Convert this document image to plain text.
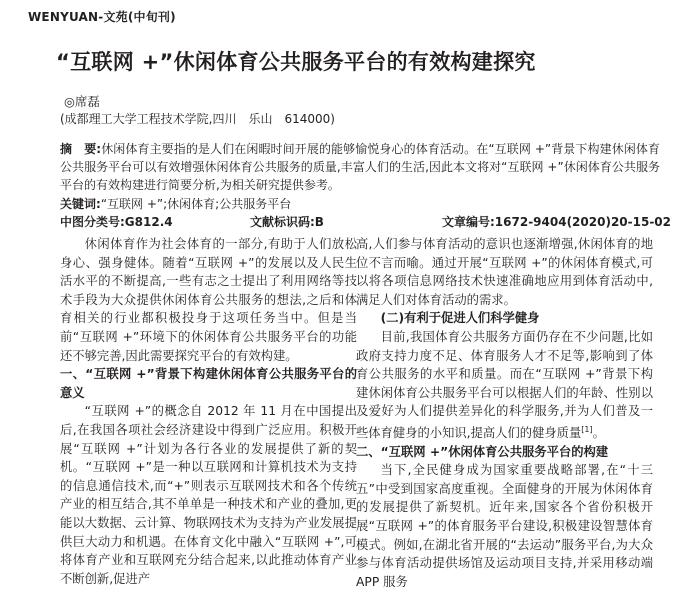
WENYUAN-文苑(中旬刊)
“互联网 +”休闲体育公共服务平台的有效构建探究
◎席磊
(成都理工大学工程技术学院,四川　乐山　614000)
摘　要:休闲体育主要指的是人们在闲暇时间开展的能够愉悦身心的体育活动。在“互联网 +”背景下构建休闲体育公共服务平台可以有效增强休闲体育公共服务的质量,丰富人们的生活,因此本文将对“互联网 +”休闲体育公共服务平台的有效构建进行简要分析,为相关研究提供参考。
关键词:“互联网 +”;休闲体育;公共服务平台
中图分类号:G812.4	文献标识码:B	文章编号:1672-9404(2020)20-15-02

休闲体育作为社会体育的一部分,有助于人们放松身心、强身健体。随着“互联网 +”的发展以及人民生活水平的不断提高,一些有志之士提出了利用网络等技术手段为大众提供休闲体育公共服务的想法,之后和体育相关的行业都积极投身于这项任务当中。但是当前“互联网 +”环境下的休闲体育公共服务平台的功能还不够完善,因此需要探究平台的有效构建。

一、“互联网 +”背景下构建休闲体育公共服务平台的意义

“互联网 +”的概念自 2012 年 11 月在中国提出后,在我国各项社会经济建设中得到广泛应用。积极开展“互联网 +”计划为各行各业的发展提供了新的契机。“互联网 +”是一种以互联网和计算机技术为支持的信息通信技术,而“+”则表示互联网技术和各个传统产业的相互结合,其不单单是一种技术和产业的叠加,更能以大数据、云计算、物联网技术为支持为产业发展提供巨大动力和机遇。在体育文化中融入“互联网 +”,可将体育产业和互联网充分结合起来,以此推动体育产业不断创新,促进产

高,人们参与体育活动的意识也逐渐增强,休闲体育的地位不言而喻。通过开展“互联网 +”的休闲体育模式,可以将各项信息网络技术快速准确地应用到体育活动中,满足人们对体育活动的需求。

(二)有利于促进人们科学健身

目前,我国体育公共服务方面仍存在不少问题,比如政府支持力度不足、体育服务人才不足等,影响到了体育公共服务的水平和质量。而在“互联网 +”背景下构建休闲体育公共服务平台可以根据人们的年龄、性别以及爱好为人们提供差异化的科学服务,并为人们普及一些体育健身的小知识,提高人们的健身质量[1]。

二、“互联网 +”休闲体育公共服务平台的构建

当下,全民健身成为国家重要战略部署,在“十三五”中受到国家高度重视。全面健身的开展为休闲体育的发展提供了新契机。近年来,国家各个省份积极开展“互联网 +”的体育服务平台建设,积极建设智慧体育模式。例如,在湖北省开展的“去运动”服务平台,为大众参与体育活动提供场馆及运动项目支持,并采用移动端 APP 服务
